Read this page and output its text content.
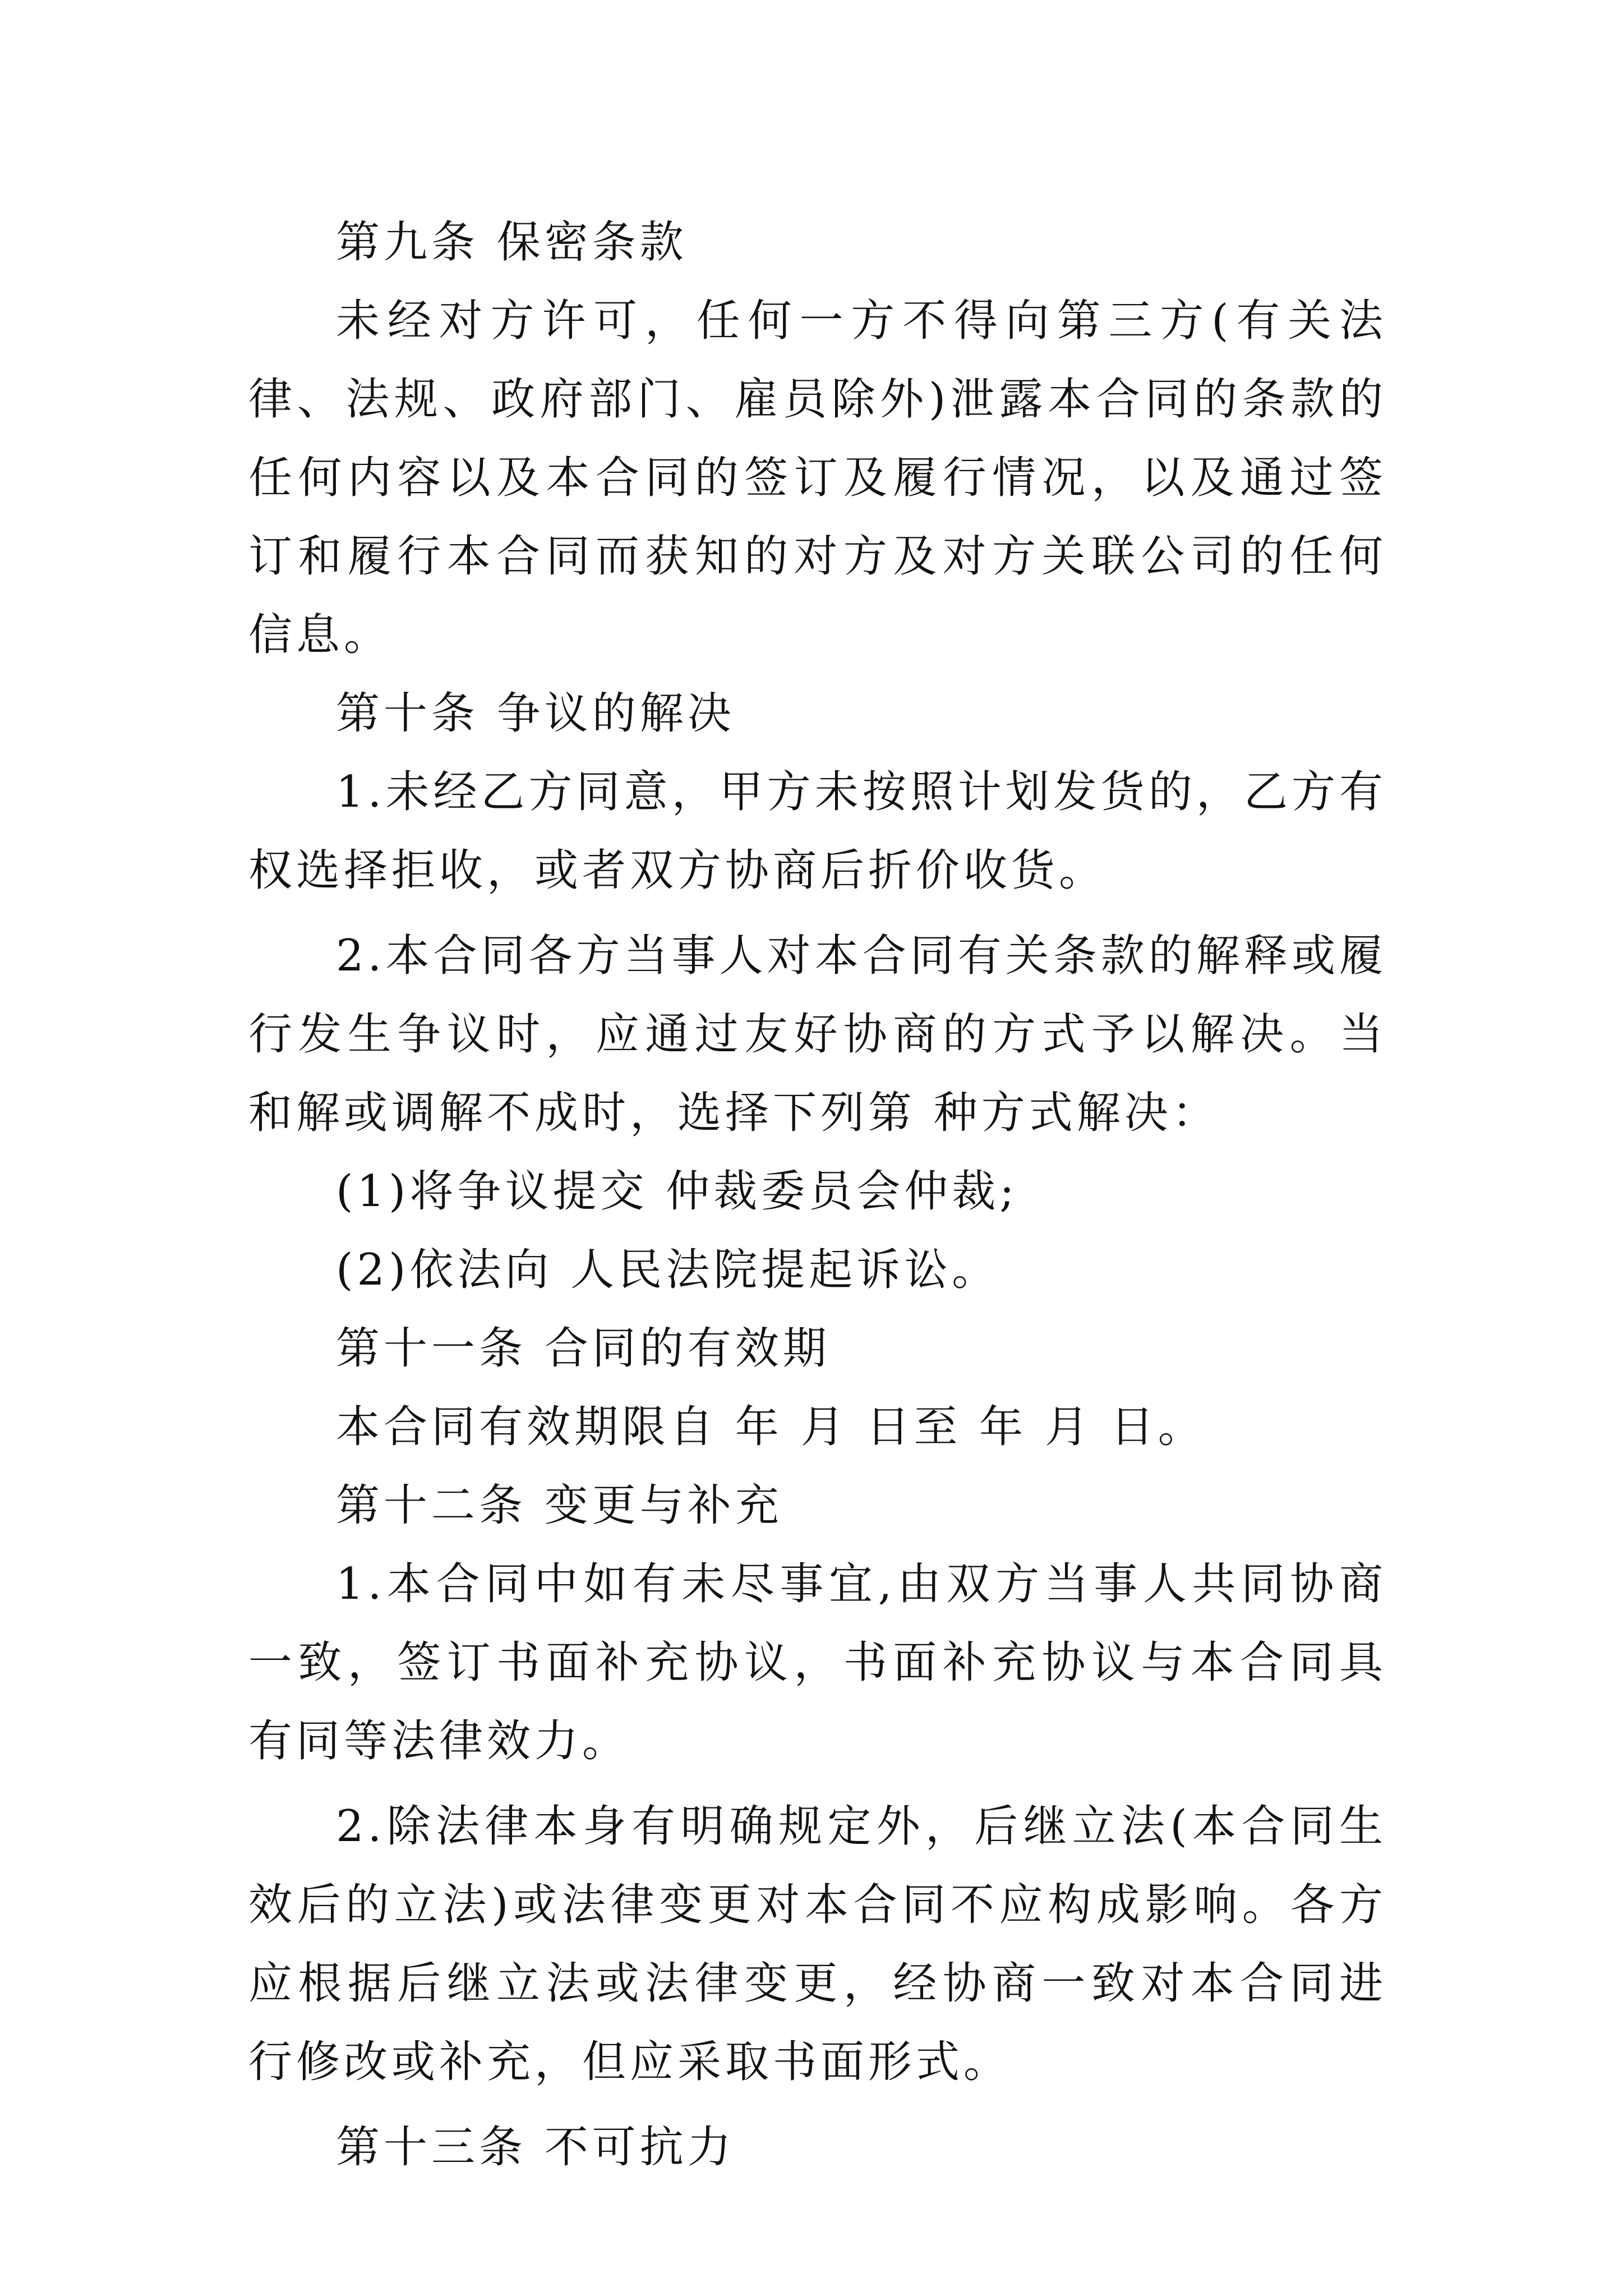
第九条 保密条款

未经对方许可，任何一方不得向第三方(有关法律、法规、政府部门、雇员除外)泄露本合同的条款的任何内容以及本合同的签订及履行情况，以及通过签订和履行本合同而获知的对方及对方关联公司的任何信息。

第十条 争议的解决

1.未经乙方同意，甲方未按照计划发货的，乙方有权选择拒收，或者双方协商后折价收货。

2.本合同各方当事人对本合同有关条款的解释或履行发生争议时，应通过友好协商的方式予以解决。当和解或调解不成时，选择下列第 种方式解决：

(1)将争议提交 仲裁委员会仲裁;

(2)依法向 人民法院提起诉讼。

第十一条 合同的有效期

本合同有效期限自 年 月 日至 年 月 日。

第十二条 变更与补充

1.本合同中如有未尽事宜,由双方当事人共同协商一致，签订书面补充协议，书面补充协议与本合同具有同等法律效力。

2.除法律本身有明确规定外，后继立法(本合同生效后的立法)或法律变更对本合同不应构成影响。各方应根据后继立法或法律变更，经协商一致对本合同进行修改或补充，但应采取书面形式。

第十三条 不可抗力
